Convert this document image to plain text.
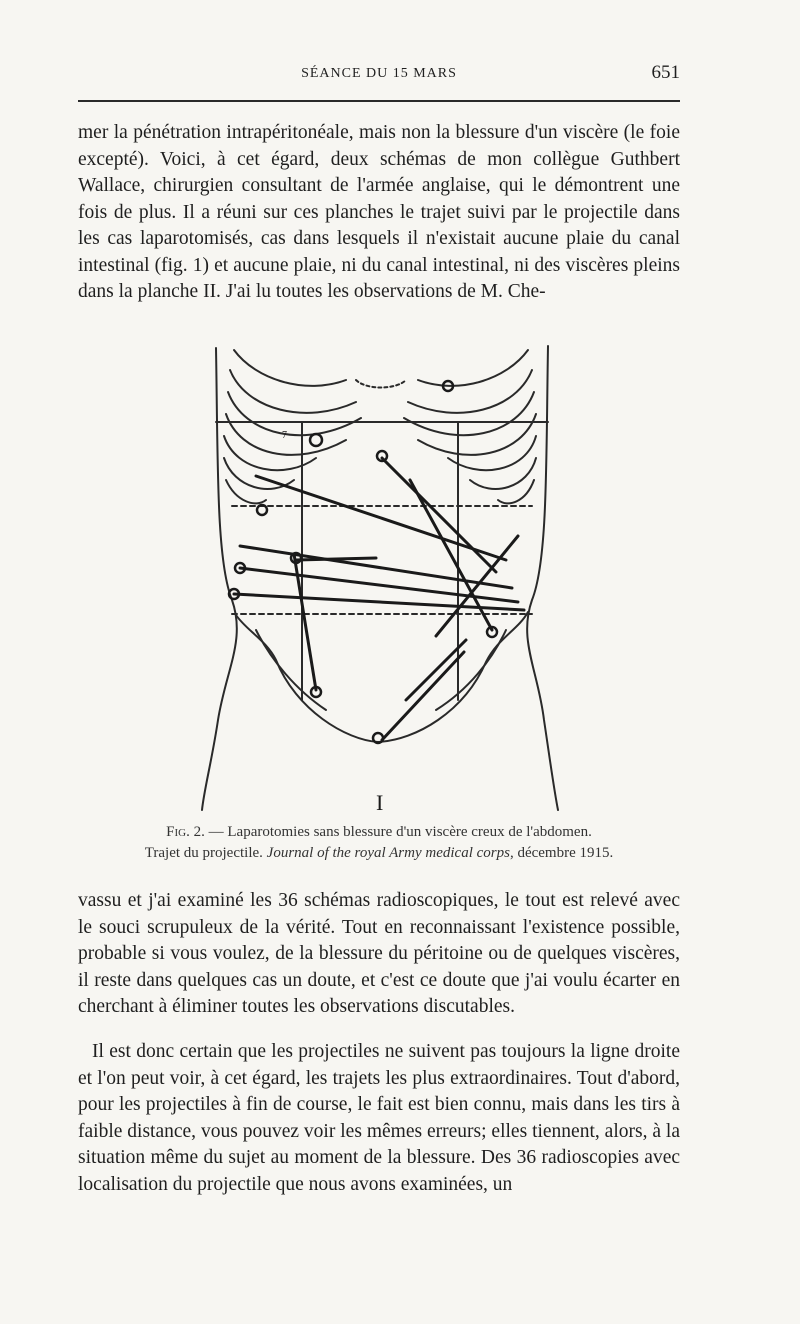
SÉANCE DU 15 MARS	651

mer la pénétration intrapéritonéale, mais non la blessure d'un viscère (le foie excepté). Voici, à cet égard, deux schémas de mon collègue Guthbert Wallace, chirurgien consultant de l'armée anglaise, qui le démontrent une fois de plus. Il a réuni sur ces planches le trajet suivi par le projectile dans les cas laparotomisés, cas dans lesquels il n'existait aucune plaie du canal intestinal (fig. 1) et aucune plaie, ni du canal intestinal, ni des viscères pleins dans la planche II. J'ai lu toutes les observations de M. Che-

7
I
Fig. 2. — Laparotomies sans blessure d'un viscère creux de l'abdomen.
Trajet du projectile. Journal of the royal Army medical corps, décembre 1915.

vassu et j'ai examiné les 36 schémas radioscopiques, le tout est relevé avec le souci scrupuleux de la vérité. Tout en reconnaissant l'existence possible, probable si vous voulez, de la blessure du péritoine ou de quelques viscères, il reste dans quelques cas un doute, et c'est ce doute que j'ai voulu écarter en cherchant à éliminer toutes les observations discutables.

Il est donc certain que les projectiles ne suivent pas toujours la ligne droite et l'on peut voir, à cet égard, les trajets les plus extraordinaires. Tout d'abord, pour les projectiles à fin de course, le fait est bien connu, mais dans les tirs à faible distance, vous pouvez voir les mêmes erreurs; elles tiennent, alors, à la situation même du sujet au moment de la blessure. Des 36 radioscopies avec localisation du projectile que nous avons examinées, un
